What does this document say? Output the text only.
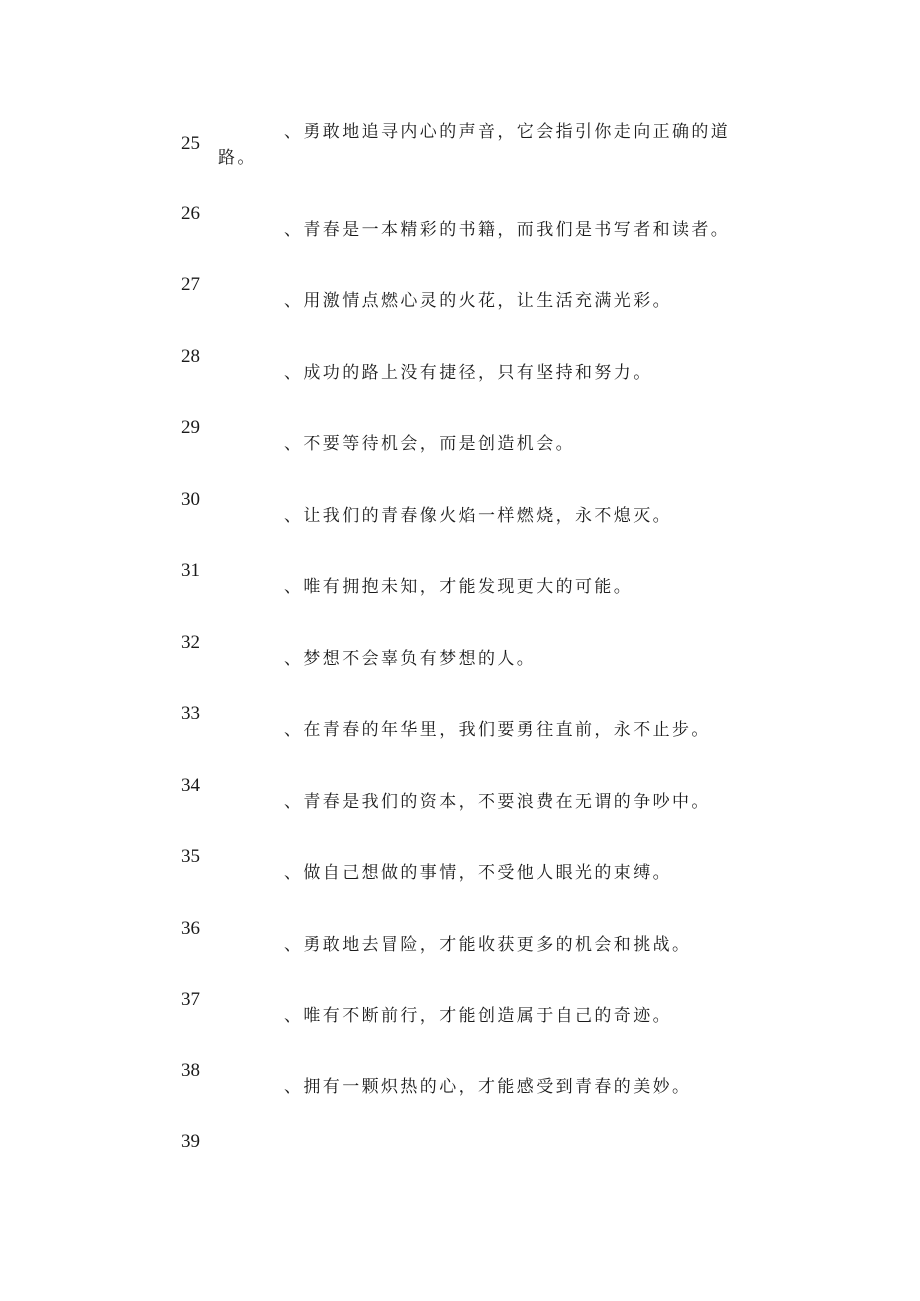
25
、勇敢地追寻内心的声音，它会指引你走向正确的道
路。
26
、青春是一本精彩的书籍，而我们是书写者和读者。
27
、用激情点燃心灵的火花，让生活充满光彩。
28
、成功的路上没有捷径，只有坚持和努力。
29
、不要等待机会，而是创造机会。
30
、让我们的青春像火焰一样燃烧，永不熄灭。
31
、唯有拥抱未知，才能发现更大的可能。
32
、梦想不会辜负有梦想的人。
33
、在青春的年华里，我们要勇往直前，永不止步。
34
、青春是我们的资本，不要浪费在无谓的争吵中。
35
、做自己想做的事情，不受他人眼光的束缚。
36
、勇敢地去冒险，才能收获更多的机会和挑战。
37
、唯有不断前行，才能创造属于自己的奇迹。
38
、拥有一颗炽热的心，才能感受到青春的美妙。
39
